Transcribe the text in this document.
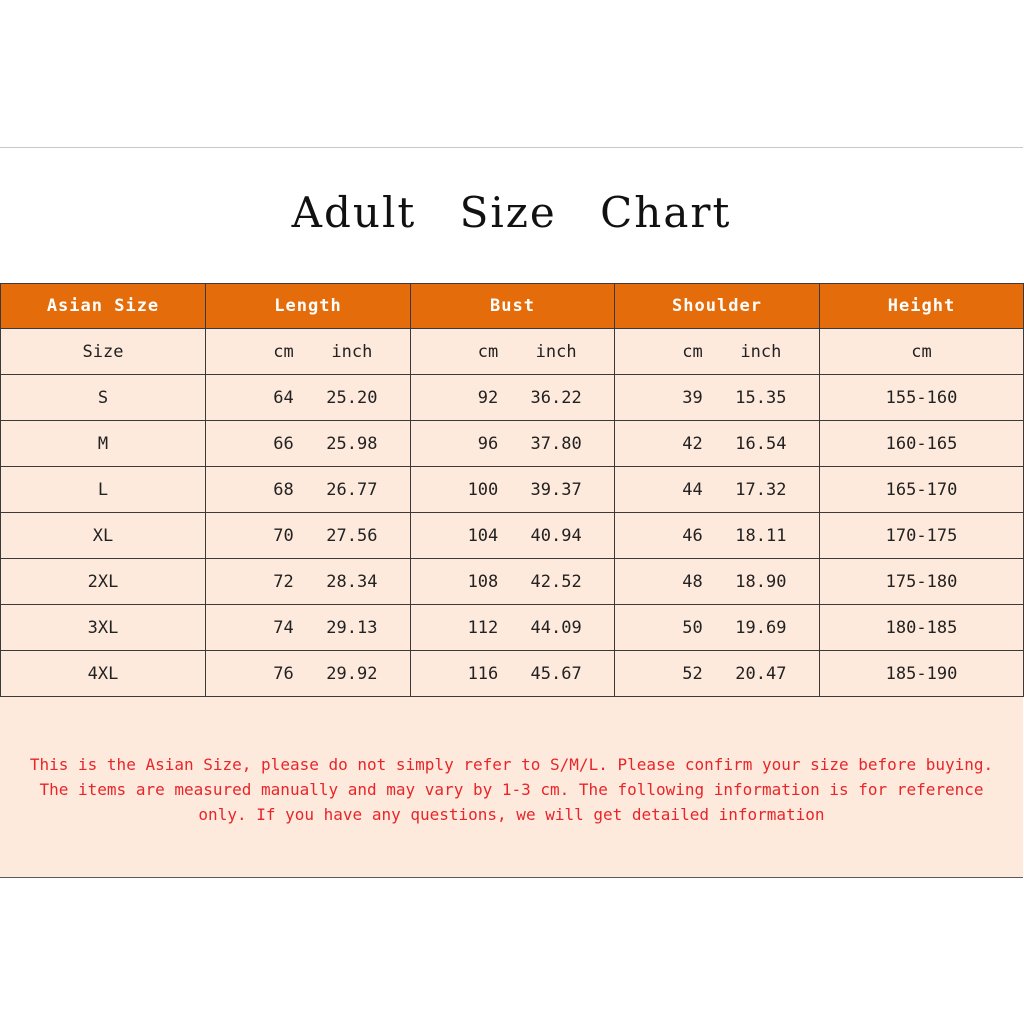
Adult Size Chart
Asian Size	Length	Bust	Shoulder	Height
Size	cm inch	cm inch	cm inch	cm
S	64 25.20	92 36.22	39 15.35	155-160
M	66 25.98	96 37.80	42 16.54	160-165
L	68 26.77	100 39.37	44 17.32	165-170
XL	70 27.56	104 40.94	46 18.11	170-175
2XL	72 28.34	108 42.52	48 18.90	175-180
3XL	74 29.13	112 44.09	50 19.69	180-185
4XL	76 29.92	116 45.67	52 20.47	185-190
This is the Asian Size, please do not simply refer to S/M/L. Please confirm your size before buying.
The items are measured manually and may vary by 1-3 cm. The following information is for reference
only. If you have any questions, we will get detailed information
